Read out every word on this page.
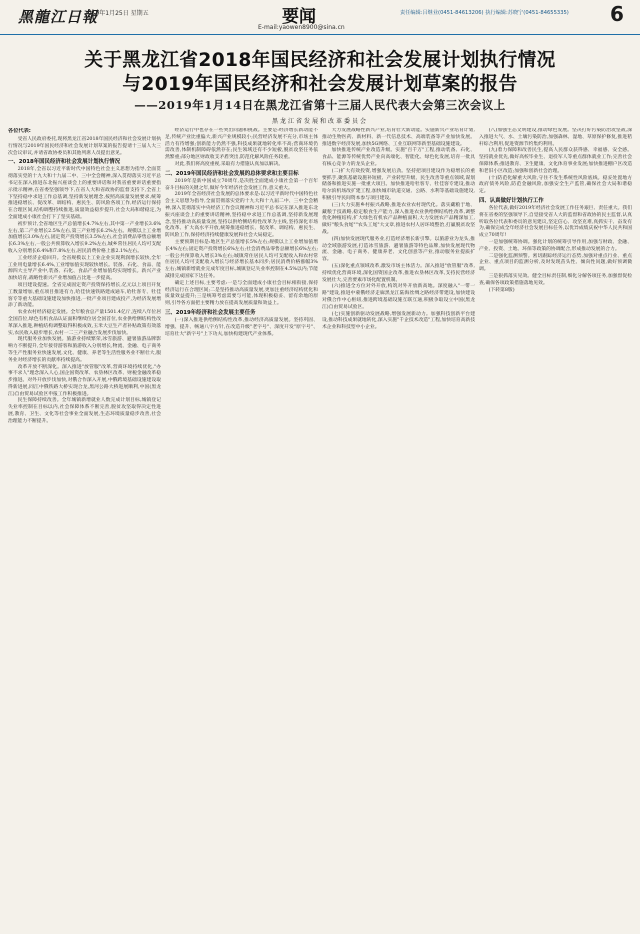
黑龍江日報
2019年1月25日 星期五	要闻
E-mail:yaowen8900@sina.cn
责任编辑:吕继业(0451-84613206) 执行编辑:苏晓宁(0451-84655335)	6
关于黑龙江省2018年国民经济和社会发展计划执行情况
与2019年国民经济和社会发展计划草案的报告
——2019年1月14日在黑龙江省第十三届人民代表大会第三次会议上
黑龙江省发展和改革委员会

各位代表:

受省人民政府委托,现将黑龙江省2018年国民经济和社会发展计划执行情况与2019年国民经济和社会发展计划草案的报告提请十三届人大三次会议审议,并请省政协委员和其他列席人员提出意见。

一、2018年国民经济和社会发展计划执行情况

2018年,全省以习近平新时代中国特色社会主义思想为指导,全面贯彻落实党的十九大和十九届二中、三中全会精神,深入贯彻落实习近平总书记在深入推进东北振兴座谈会上的重要讲话和对我省重要讲话重要指示批示精神,在省委坚强领导下,在省人大和省政协的监督支持下,全省上下坚持稳中求进工作总基调,坚持新发展理念,按照高质量发展要求,统筹推进稳增长、促改革、调结构、惠民生、防风险各项工作,经济运行保持在合理区间,结构调整持续推进,质量效益稳步提升,社会大局和谐稳定,为全面建成小康社会打下了坚实基础。

初步预计,全省地区生产总值增长4.7%左右,其中第一产业增长3.6%左右,第二产业增长2.5%左右,第三产业增长6.2%左右。规模以上工业增加值增长3.0%左右,固定资产投资增长3.5%左右,社会消费品零售总额增长6.3%左右,一般公共预算收入增长9.2%左右,城乡常住居民人均可支配收入分别增长6.4%和7.8%左右,居民消费价格上涨2.1%左右。

工业经济企稳回升。全省规模以上工业企业实现利润增长较快,全年工业用电量增长6.4%,工业增加值实现较快增长。装备、石化、食品、能源四大主导产业中,装备、石化、食品产业增加值均实现增长。新兴产业加快培育,战略性新兴产业增加值占比进一步提高。

项目建设提速。全省完成固定资产投资保持增长,亿元以上项目开复工数量增加,重点项目推进有力,哈佳快速铁路建成通车,哈牡客专、牡佳客专等重大基础设施建设加快推进,一批产业项目建成投产,为经济发展增添了新动能。

农业农村经济稳定发展。全年粮食总产量1501.4亿斤,连续八年位居全国首位,绿色有机食品认证面积继续位居全国首位,农业供给侧结构性改革深入推进,种植结构调整取得积极成效,玉米大豆生产者补贴政策有效落实,农民收入稳步增长,农村一二三产业融合发展步伐加快。

现代服务业加快发展。旅游业持续繁荣,冰雪旅游、避暑旅游品牌影响力不断提升,全年接待游客和旅游收入分别增长,物流、金融、电子商务等生产性服务业快速发展,文化、健康、养老等生活性服务业不断壮大,服务业对经济增长的贡献率持续提高。

改革开放不断深化。深入推进"放管服"改革,营商环境持续优化,"办事不求人"理念深入人心,国企国资改革、农垦林区改革、财税金融改革稳步推进。对外开放步伐加快,对俄合作深入开展,中俄跨境基础设施建设取得新进展,同江中俄铁路大桥实现合龙,黑河公路大桥进展顺利,中国(黑龙江)自由贸易试验区申报工作积极推进。

民生保障持续改善。全年城镇新增就业人数完成计划目标,城镇登记失业率控制在目标以内,社会保障体系不断完善,脱贫攻坚取得决定性进展,教育、卫生、文化等社会事业全面发展,生态环境质量稳步改善,社会治理能力不断提升。

经济运行中也存在一些突出问题和挑战。主要是:经济增长新动能不足,传统产业比重偏大,新兴产业规模较小;民营经济发展不充分,市场主体活力有待增强;创新能力仍然不强,科技成果就地转化率不高;营商环境仍需改善,体制机制障碍依然存在;民生领域还有不少短板,脱贫攻坚任务依然繁重;部分地区财政收支矛盾突出,防范化解风险任务较重。

对此,我们将高度重视,采取有力措施认真加以解决。

二、2019年国民经济和社会发展的总体要求和主要目标

2019年是新中国成立70周年,是决胜全面建成小康社会第一个百年奋斗目标的关键之年,做好今年经济社会发展工作,意义重大。

2019年全省经济社会发展的总体要求是:以习近平新时代中国特色社会主义思想为指导,全面贯彻落实党的十九大和十九届二中、三中全会精神,深入贯彻落实中央经济工作会议精神和习近平总书记在深入推进东北振兴座谈会上的重要讲话精神,坚持稳中求进工作总基调,坚持新发展理念,坚持推动高质量发展,坚持以供给侧结构性改革为主线,坚持深化市场化改革、扩大高水平开放,统筹推进稳增长、促改革、调结构、惠民生、防风险工作,保持经济持续健康发展和社会大局稳定。

主要预期目标是:地区生产总值增长5%左右;规模以上工业增加值增长4%左右;固定资产投资增长6%左右;社会消费品零售总额增长6%左右;一般公共预算收入增长3%左右;城镇常住居民人均可支配收入和农村常住居民人均可支配收入增长与经济增长基本同步;居民消费价格涨幅3%左右;城镇新增就业完成年度目标,城镇登记失业率控制在4.5%以内;节能减排完成国家下达任务。

确定上述目标,主要考虑:一是与全面建成小康社会目标相衔接,保持经济运行在合理区间;二是坚持推动高质量发展,更加注重经济结构优化和质量效益提升;三是统筹考虑需要与可能,体现积极稳妥、留有余地的原则,引导各方面把主要精力放在提高发展质量和效益上。

三、2019年经济和社会发展主要任务

(一)深入推进供给侧结构性改革,推动经济高质量发展。坚持巩固、增强、提升、畅通八字方针,在改造升级"老字号"、深度开发"原字号"、培育壮大"新字号"上下功夫,加快构建现代产业体系。

大力发展战略性新兴产业,培育壮大新动能。实施新兴产业培育计划,推动生物医药、新材料、新一代信息技术、高端装备等产业加快发展。推进数字经济发展,加快5G网络、工业互联网等新型基础设施建设。

加快推进传统产业改造升级。实施"百千万"工程,推动装备、石化、食品、能源等传统优势产业向高端化、智能化、绿色化发展,培育一批具有核心竞争力的龙头企业。

(二)扩大有效投资,增强发展后劲。坚持把项目建设作为稳增长的重要抓手,聚焦基础设施补短板、产业转型升级、民生改善等重点领域,谋划储备和推进实施一批重大项目。加快推进哈牡客专、牡佳客专建设,推动哈尔滨机场改扩建工程,加快城市轨道交通、公路、水利等基础设施建设,积极引导民间资本参与项目建设。

(三)大力实施乡村振兴战略,推进农业农村现代化。落实藏粮于地、藏粮于技战略,稳定粮食生产能力,深入推进农业供给侧结构性改革,调整优化种植结构,扩大绿色有机农产品种植面积,大力发展农产品精深加工,做好"粮头食尾""农头工尾"大文章,推进农村人居环境整治,打赢脱贫攻坚战。

(四)加快发展现代服务业,打造经济增长新引擎。以旅游业为龙头,推动全域旅游发展,打造冰雪旅游、避暑旅游等特色品牌,加快发展现代物流、金融、电子商务、健康养老、文化创意等产业,推动服务业提质扩容。

(五)深化重点领域改革,激发市场主体活力。深入推进"放管服"改革,持续优化营商环境,深化国资国企改革,推进农垦林区改革,支持民营经济发展壮大,完善要素市场化配置机制。

(六)推进全方位对外开放,构筑对外开放新高地。深度融入"一带一路"建设,推进中蒙俄经济走廊黑龙江陆海丝绸之路经济带建设,加快建设对俄合作中心枢纽,推进跨境基础设施互联互通,积极争取设立中国(黑龙江)自由贸易试验区。

(七)实施创新驱动发展战略,增强发展新动力。加强科技创新平台建设,推动科技成果就地转化,深入实施"千企技术改造"工程,加快培育高新技术企业和科技型中小企业。

(八)加强生态文明建设,推动绿色发展。坚决打好污染防治攻坚战,深入推进大气、水、土壤污染防治,加强森林、湿地、草原保护修复,推进秸秆综合利用,促进资源节约集约利用。

(九)着力保障和改善民生,提高人民群众获得感、幸福感、安全感。坚持就业优先,做好高校毕业生、退役军人等重点群体就业工作;完善社会保障体系;推进教育、卫生健康、文化体育事业发展;加快推进棚户区改造和老旧小区改造;加强和创新社会治理。

(十)防范化解重大风险,守住不发生系统性风险底线。稳妥处置地方政府债务风险,防范金融风险,加强安全生产监管,确保社会大局和谐稳定。

四、认真做好计划执行工作

各位代表,做好2019年经济社会发展工作任务艰巨、责任重大。我们将在省委的坚强领导下,自觉接受省人大的监督和省政协的民主监督,认真听取各位代表和委员的意见建议,坚定信心、攻坚克难,真抓实干、奋发有为,确保完成全年经济社会发展目标任务,以优异成绩庆祝中华人民共和国成立70周年!

一是加强统筹协调。强化计划的统筹引导作用,加强与财政、金融、产业、投资、土地、环保等政策的协调配合,形成推动发展的合力。

二是强化监测预警。密切跟踪经济运行态势,加强对重点行业、重点企业、重点项目的监测分析,及时发现苗头性、倾向性问题,做好预调微调。

三是狠抓落实见效。健全目标责任制,细化分解各项任务,加强督促检查,确保各项政策措施落地见效。

(下转第8版)
